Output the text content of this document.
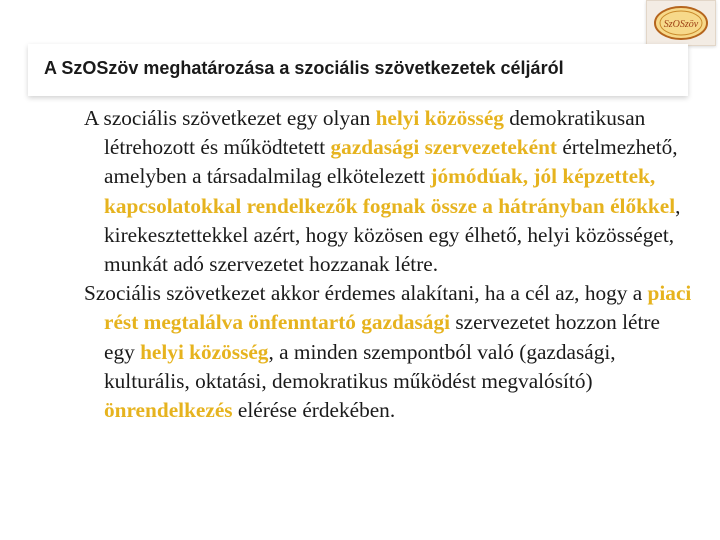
SzOSzöv
A SzOSzöv meghatározása a szociális szövetkezetek céljáról

A szociális szövetkezet egy olyan helyi közösség demokratikusan létrehozott és működtetett gazdasági szervezeteként értelmezhető, amelyben a társadalmilag elkötelezett jómódúak, jól képzettek, kapcsolatokkal rendelkezők fognak össze a hátrányban élőkkel, kirekesztettekkel azért, hogy közösen egy élhető, helyi közösséget, munkát adó szervezetet hozzanak létre.

Szociális szövetkezet akkor érdemes alakítani, ha a cél az, hogy a piaci rést megtalálva önfenntartó gazdasági szervezetet hozzon létre egy helyi közösség, a minden szempontból való (gazdasági, kulturális, oktatási, demokratikus működést megvalósító) önrendelkezés elérése érdekében.
